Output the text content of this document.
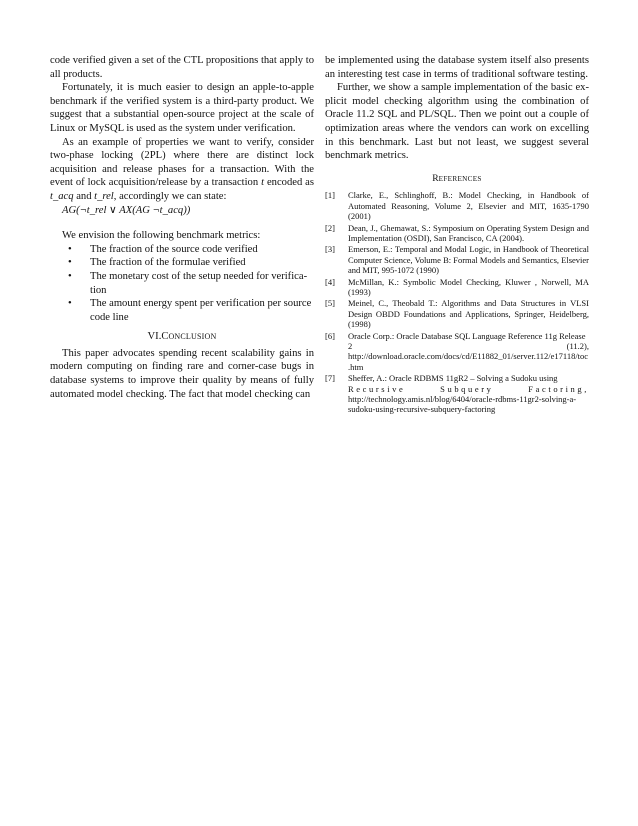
code verified given a set of the CTL propositions that apply to all products.

Fortunately, it is much easier to design an apple-to-apple benchmark if the verified system is a third-party product. We suggest that a substantial open-source project at the scale of Linux or MySQL is used as the system under verification.

As an example of properties we want to verify, consider two-phase locking (2PL) where there are distinct lock acquisition and release phases for a transaction. With the event of lock acquisition/release by a transaction t encoded as t_acq and t_rel, accordingly we can state:

AG(¬t_rel ∨ AX(AG ¬t_acq))

We envision the following benchmark metrics:

• The fraction of the source code verified
• The fraction of the formulae verified
• The monetary cost of the setup needed for verification
• The amount energy spent per verification per source code line
VI.CONCLUSION

This paper advocates spending recent scalability gains in modern computing on finding rare and corner-case bugs in database systems to improve their quality by means of fully automated model checking. The fact that model checking can

be implemented using the database system itself also presents an interesting test case in terms of traditional software testing.

Further, we show a sample implementation of the basic explicit model checking algorithm using the combination of Oracle 11.2 SQL and PL/SQL. Then we point out a couple of optimization areas where the vendors can work on excelling in this benchmark. Last but not least, we suggest several benchmark metrics.

REFERENCES
[1] Clarke, E., Schlinghoff, B.: Model Checking, in Handbook of Automated Reasoning, Volume 2, Elsevier and MIT, 1635-1790 (2001)
[2] Dean, J., Ghemawat, S.: Symposium on Operating System Design and Implementation (OSDI), San Francisco, CA (2004).
[3] Emerson, E.: Temporal and Modal Logic, in Handbook of Theoretical Computer Science, Volume B: Formal Models and Semantics, Elsevier and MIT, 995-1072 (1990)
[4] McMillan, K.: Symbolic Model Checking, Kluwer , Norwell, MA (1993)
[5] Meinel, C., Theobald T.: Algorithms and Data Structures in VLSI Design OBDD Foundations and Applications, Springer, Heidelberg, (1998)
[6] Oracle Corp.: Oracle Database SQL Language Reference 11g Release
2	(11.2),
http://download.oracle.com/docs/cd/E11882_01/server.112/e17118/toc.htm
[7] Sheffer, A.: Oracle RDBMS 11gR2 – Solving a Sudoku using
Recursive	Subquery	Factoring,
http://technology.amis.nl/blog/6404/oracle-rdbms-11gr2-solving-a-sudoku-using-recursive-subquery-factoring
